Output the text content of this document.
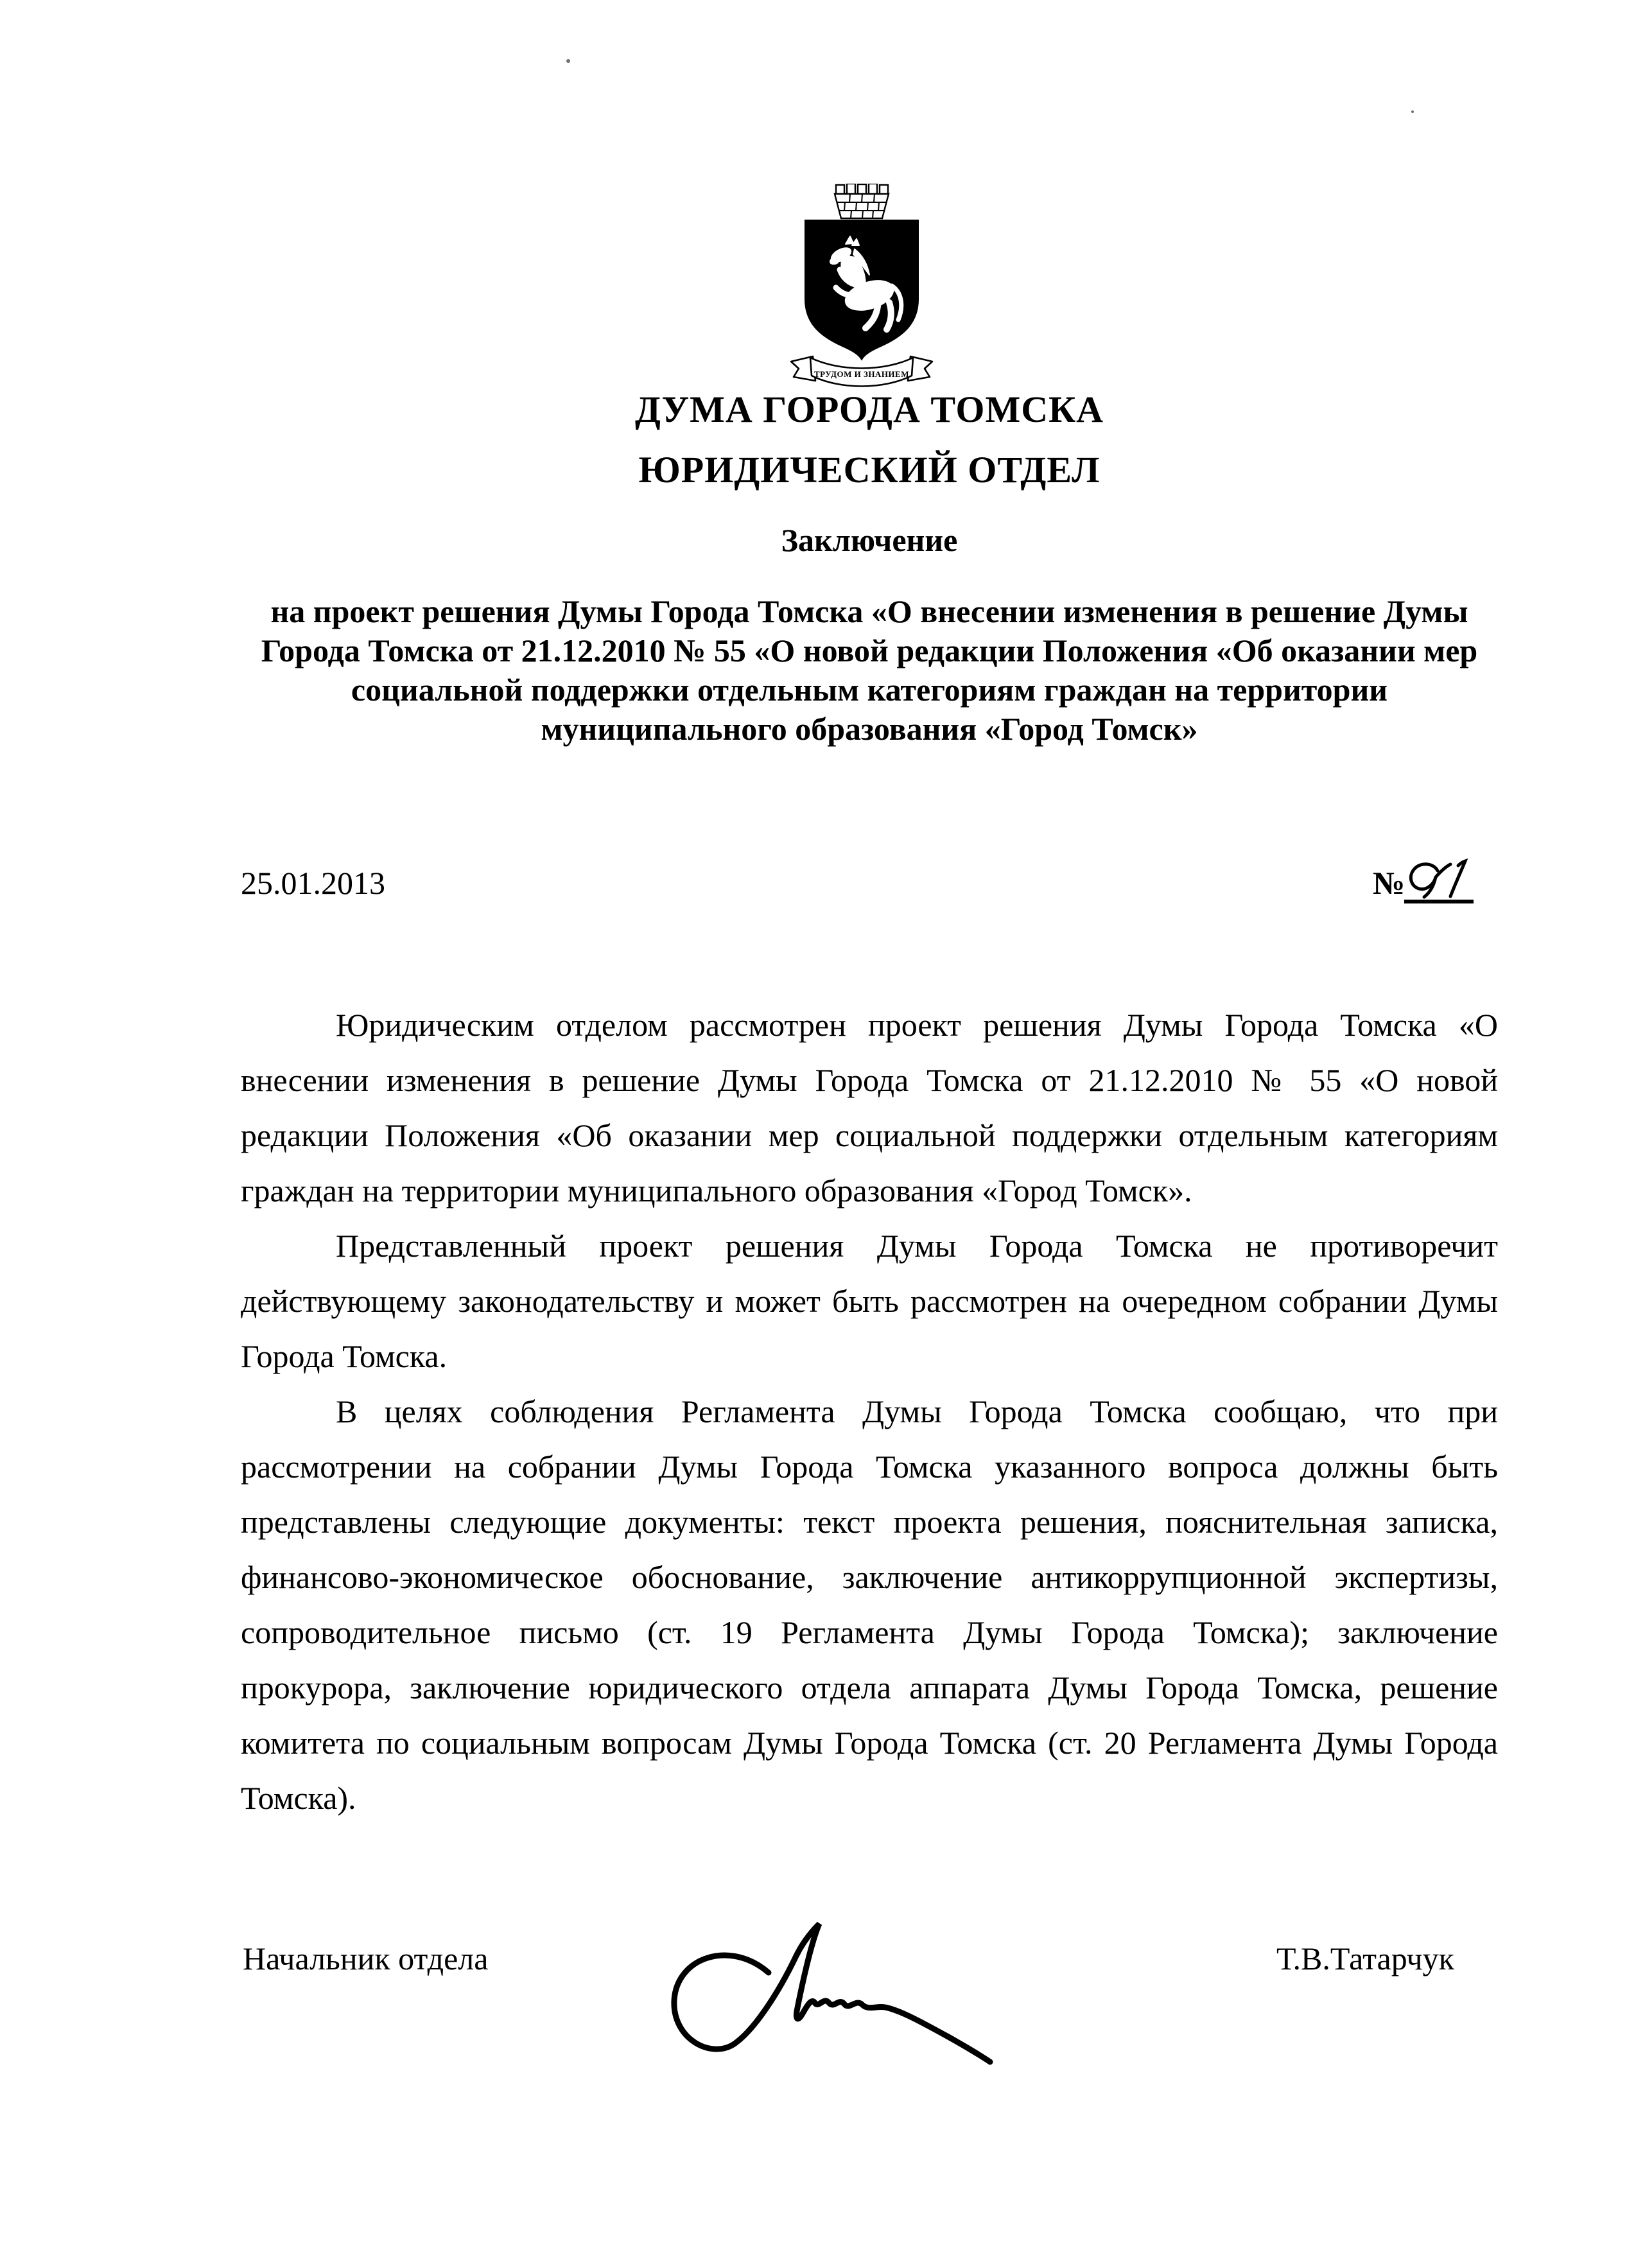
ТРУДОМ И ЗНАНИЕМ
ДУМА ГОРОДА ТОМСКА
ЮРИДИЧЕСКИЙ ОТДЕЛ
Заключение
на проект решения Думы Города Томска «О внесении изменения в решение Думы
Города Томска от 21.12.2010 № 55 «О новой редакции Положения «Об оказании мер
социальной поддержки отдельным категориям граждан на территории
муниципального образования «Город Томск»
25.01.2013	№
Юридическим отделом рассмотрен проект решения Думы Города Томска «О
внесении изменения в решение Думы Города Томска от 21.12.2010 № 55 «О новой
редакции Положения «Об оказании мер социальной поддержки отдельным категориям
граждан на территории муниципального образования «Город Томск».
Представленный проект решения Думы Города Томска не противоречит
действующему законодательству и может быть рассмотрен на очередном собрании Думы
Города Томска.
В целях соблюдения Регламента Думы Города Томска сообщаю, что при
рассмотрении на собрании Думы Города Томска указанного вопроса должны быть
представлены следующие документы: текст проекта решения, пояснительная записка,
финансово-экономическое обоснование, заключение антикоррупционной экспертизы,
сопроводительное письмо (ст. 19 Регламента Думы Города Томска); заключение
прокурора, заключение юридического отдела аппарата Думы Города Томска, решение
комитета по социальным вопросам Думы Города Томска (ст. 20 Регламента Думы Города
Томска).
Начальник отдела	Т.В.Татарчук
